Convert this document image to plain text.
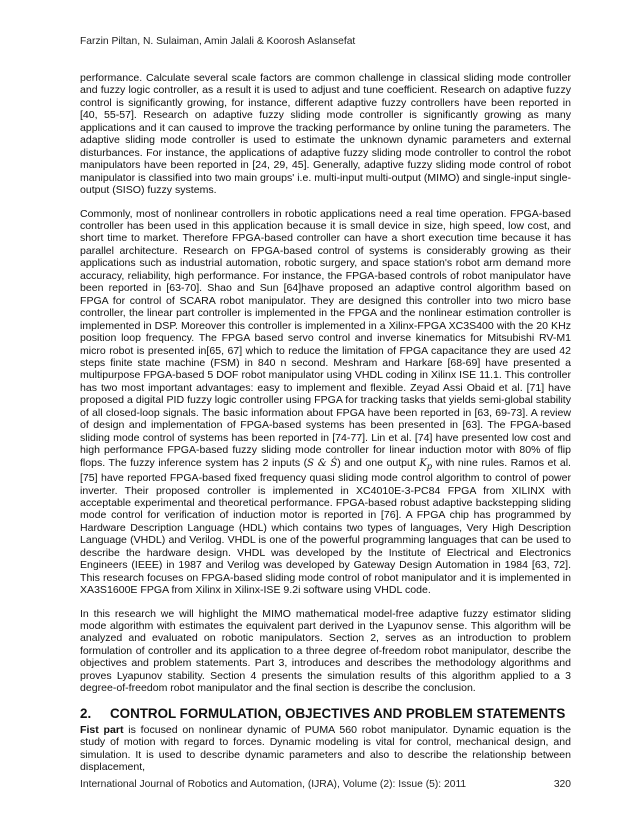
Farzin Piltan, N. Sulaiman, Amin Jalali & Koorosh Aslansefat

performance. Calculate several scale factors are common challenge in classical sliding mode controller and fuzzy logic controller, as a result it is used to adjust and tune coefficient. Research on adaptive fuzzy control is significantly growing, for instance, different adaptive fuzzy controllers have been reported in [40, 55-57]. Research on adaptive fuzzy sliding mode controller is significantly growing as many applications and it can caused to improve the tracking performance by online tuning the parameters. The adaptive sliding mode controller is used to estimate the unknown dynamic parameters and external disturbances. For instance, the applications of adaptive fuzzy sliding mode controller to control the robot manipulators have been reported in [24, 29, 45]. Generally, adaptive fuzzy sliding mode control of robot manipulator is classified into two main groups' i.e. multi-input multi-output (MIMO) and single-input single-output (SISO) fuzzy systems.

Commonly, most of nonlinear controllers in robotic applications need a real time operation. FPGA-based controller has been used in this application because it is small device in size, high speed, low cost, and short time to market. Therefore FPGA-based controller can have a short execution time because it has parallel architecture. Research on FPGA-based control of systems is considerably growing as their applications such as industrial automation, robotic surgery, and space station's robot arm demand more accuracy, reliability, high performance. For instance, the FPGA-based controls of robot manipulator have been reported in [63-70]. Shao and Sun [64]have proposed an adaptive control algorithm based on FPGA for control of SCARA robot manipulator. They are designed this controller into two micro base controller, the linear part controller is implemented in the FPGA and the nonlinear estimation controller is implemented in DSP. Moreover this controller is implemented in a Xilinx-FPGA XC3S400 with the 20 KHz position loop frequency. The FPGA based servo control and inverse kinematics for Mitsubishi RV-M1 micro robot is presented in[65, 67] which to reduce the limitation of FPGA capacitance they are used 42 steps finite state machine (FSM) in 840 n second. Meshram and Harkare [68-69] have presented a multipurpose FPGA-based 5 DOF robot manipulator using VHDL coding in Xilinx ISE 11.1. This controller has two most important advantages: easy to implement and flexible. Zeyad Assi Obaid et al. [71] have proposed a digital PID fuzzy logic controller using FPGA for tracking tasks that yields semi-global stability of all closed-loop signals. The basic information about FPGA have been reported in [63, 69-73]. A review of design and implementation of FPGA-based systems has been presented in [63]. The FPGA-based sliding mode control of systems has been reported in [74-77]. Lin et al. [74] have presented low cost and high performance FPGA-based fuzzy sliding mode controller for linear induction motor with 80% of flip flops. The fuzzy inference system has 2 inputs (S & Ṡ) and one output $K_p$ with nine rules. Ramos et al. [75] have reported FPGA-based fixed frequency quasi sliding mode control algorithm to control of power inverter. Their proposed controller is implemented in XC4010E-3-PC84 FPGA from XILINX with acceptable experimental and theoretical performance. FPGA-based robust adaptive backstepping sliding mode control for verification of induction motor is reported in [76]. A FPGA chip has programmed by Hardware Description Language (HDL) which contains two types of languages, Very High Description Language (VHDL) and Verilog. VHDL is one of the powerful programming languages that can be used to describe the hardware design. VHDL was developed by the Institute of Electrical and Electronics Engineers (IEEE) in 1987 and Verilog was developed by Gateway Design Automation in 1984 [63, 72]. This research focuses on FPGA-based sliding mode control of robot manipulator and it is implemented in XA3S1600E FPGA from Xilinx in Xilinx-ISE 9.2i software using VHDL code.

In this research we will highlight the MIMO mathematical model-free adaptive fuzzy estimator sliding mode algorithm with estimates the equivalent part derived in the Lyapunov sense. This algorithm will be analyzed and evaluated on robotic manipulators. Section 2, serves as an introduction to problem formulation of controller and its application to a three degree of-freedom robot manipulator, describe the objectives and problem statements. Part 3, introduces and describes the methodology algorithms and proves Lyapunov stability. Section 4 presents the simulation results of this algorithm applied to a 3 degree-of-freedom robot manipulator and the final section is describe the conclusion.

2. CONTROL FORMULATION, OBJECTIVES AND PROBLEM STATEMENTS

Fist part is focused on nonlinear dynamic of PUMA 560 robot manipulator. Dynamic equation is the study of motion with regard to forces. Dynamic modeling is vital for control, mechanical design, and simulation. It is used to describe dynamic parameters and also to describe the relationship between displacement,

International Journal of Robotics and Automation, (IJRA), Volume (2): Issue (5): 2011	320
